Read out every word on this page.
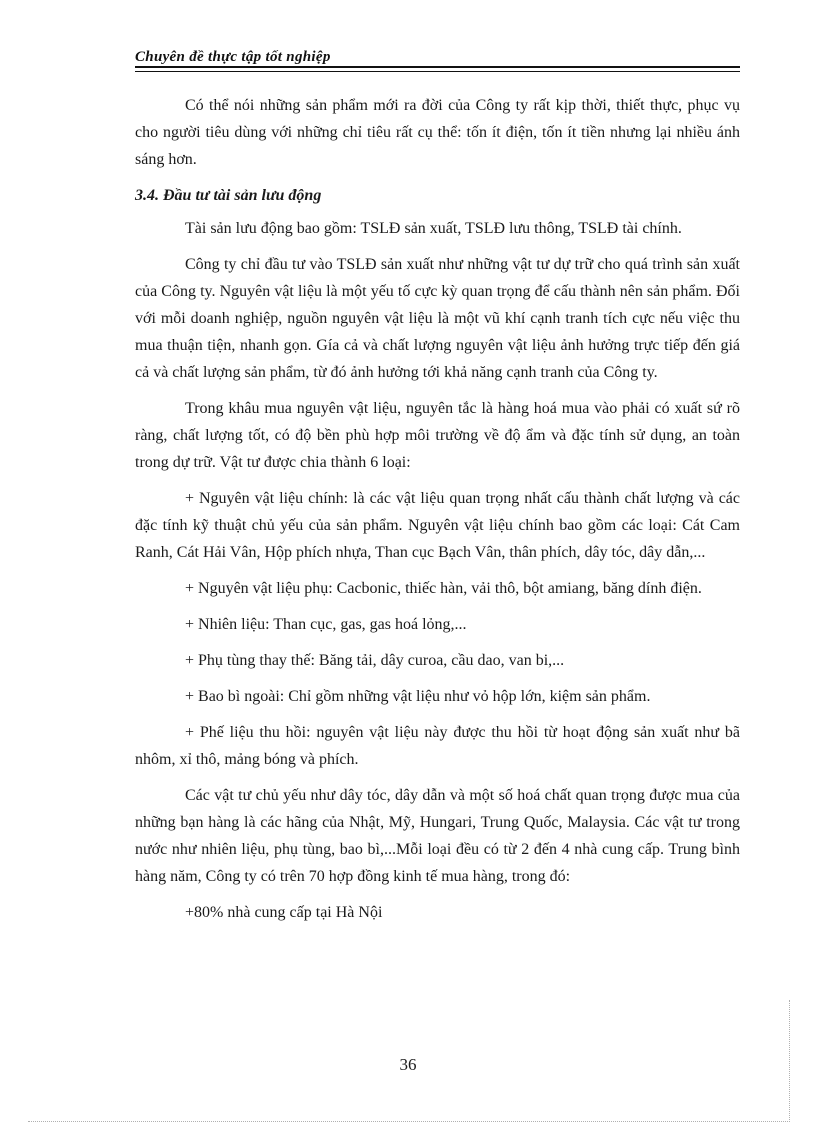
Chuyên đề thực tập tốt nghiệp

Có thể nói những sản phẩm mới ra đời của Công ty rất kịp thời, thiết thực, phục vụ cho người tiêu dùng với những chỉ tiêu rất cụ thể: tốn ít điện, tốn ít tiền nhưng lại nhiều ánh sáng hơn.

3.4. Đầu tư tài sản lưu động

Tài sản lưu động bao gồm: TSLĐ sản xuất, TSLĐ lưu thông, TSLĐ tài chính.

Công ty chỉ đầu tư vào TSLĐ sản xuất như những vật tư dự trữ cho quá trình sản xuất của Công ty. Nguyên vật liệu là một yếu tố cực kỳ quan trọng để cấu thành nên sản phẩm. Đối với mỗi doanh nghiệp, nguồn nguyên vật liệu là một vũ khí cạnh tranh tích cực nếu việc thu mua thuận tiện, nhanh gọn. Gía cả và chất lượng nguyên vật liệu ảnh hưởng trực tiếp đến giá cả và chất lượng sản phẩm, từ đó ảnh hưởng tới khả năng cạnh tranh của Công ty.

Trong khâu mua nguyên vật liệu, nguyên tắc là hàng hoá mua vào phải có xuất sứ rõ ràng, chất lượng tốt, có độ bền phù hợp môi trường về độ ẩm và đặc tính sử dụng, an toàn trong dự trữ. Vật tư được chia thành 6 loại:

+ Nguyên vật liệu chính: là các vật liệu quan trọng nhất cấu thành chất lượng và các đặc tính kỹ thuật chủ yếu của sản phẩm. Nguyên vật liệu chính bao gồm các loại: Cát Cam Ranh, Cát Hải Vân, Hộp phích nhựa, Than cục Bạch Vân, thân phích, dây tóc, dây dẫn,...

+ Nguyên vật liệu phụ: Cacbonic, thiếc hàn, vải thô, bột amiang, băng dính điện.

+ Nhiên liệu: Than cục, gas, gas hoá lỏng,...

+ Phụ tùng thay thế: Băng tải, dây curoa, cầu dao, van bi,...

+ Bao bì ngoài: Chỉ gồm những vật liệu như vỏ hộp lớn, kiệm sản phẩm.

+ Phế liệu thu hồi: nguyên vật liệu này được thu hồi từ hoạt động sản xuất như bã nhôm, xỉ thô, mảng bóng và phích.

Các vật tư chủ yếu như dây tóc, dây dẫn và một số hoá chất quan trọng được mua của những bạn hàng là các hãng của Nhật, Mỹ, Hungari, Trung Quốc, Malaysia. Các vật tư trong nước như nhiên liệu, phụ tùng, bao bì,...Mỗi loại đều có từ 2 đến 4 nhà cung cấp. Trung bình hàng năm, Công ty có trên 70 hợp đồng kinh tế mua hàng, trong đó:

+80% nhà cung cấp tại Hà Nội

36
